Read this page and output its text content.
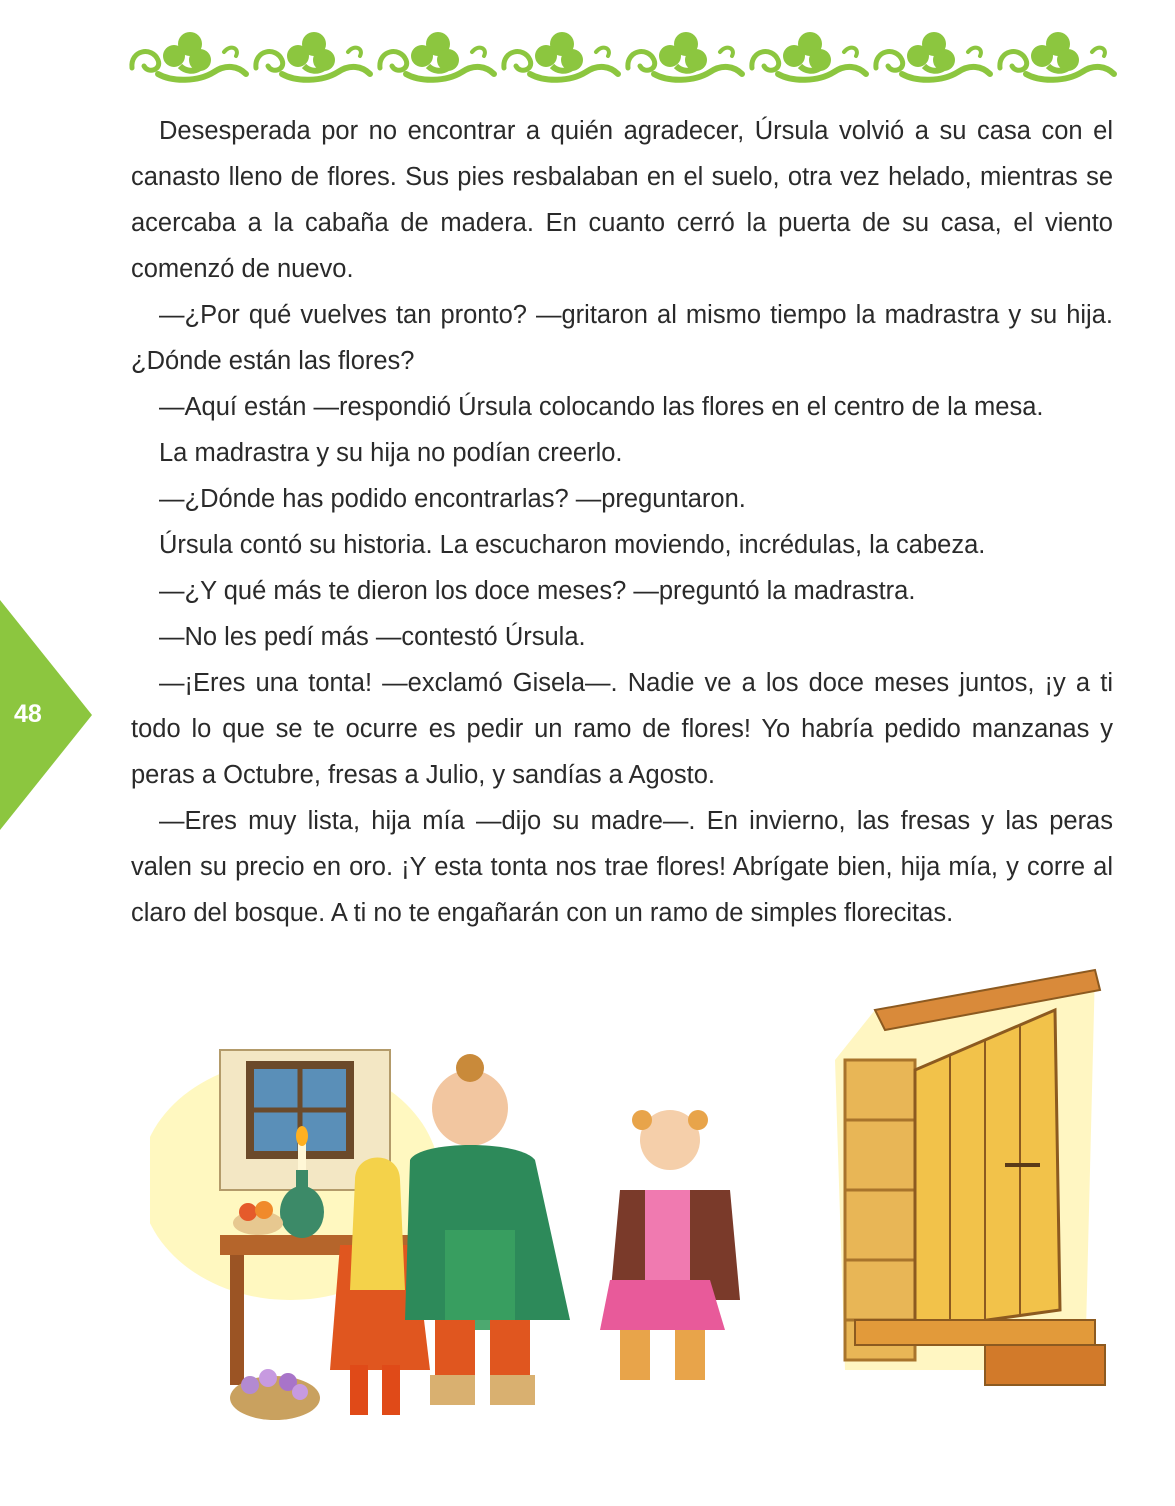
48

Desesperada por no encontrar a quién agradecer, Úrsula volvió a su casa con el canasto lleno de flores. Sus pies resbalaban en el suelo, otra vez helado, mientras se acercaba a la cabaña de madera. En cuanto cerró la puerta de su casa, el viento comenzó de nuevo.

—¿Por qué vuelves tan pronto? —gritaron al mismo tiempo la madrastra y su hija. ¿Dónde están las flores?

—Aquí están —respondió Úrsula colocando las flores en el centro de la mesa.

La madrastra y su hija no podían creerlo.

—¿Dónde has podido encontrarlas? —preguntaron.

Úrsula contó su historia. La escucharon moviendo, incrédulas, la cabeza.

—¿Y qué más te dieron los doce meses? —preguntó la madrastra.

—No les pedí más —contestó Úrsula.

—¡Eres una tonta! —exclamó Gisela—. Nadie ve a los doce meses juntos, ¡y a ti todo lo que se te ocurre es pedir un ramo de flores! Yo habría pedido manzanas y peras a Octubre, fresas a Julio, y sandías a Agosto.

—Eres muy lista, hija mía —dijo su madre—. En invierno, las fresas y las peras valen su precio en oro. ¡Y esta tonta nos trae flores! Abrígate bien, hija mía, y corre al claro del bosque. A ti no te engañarán con un ramo de simples florecitas.
